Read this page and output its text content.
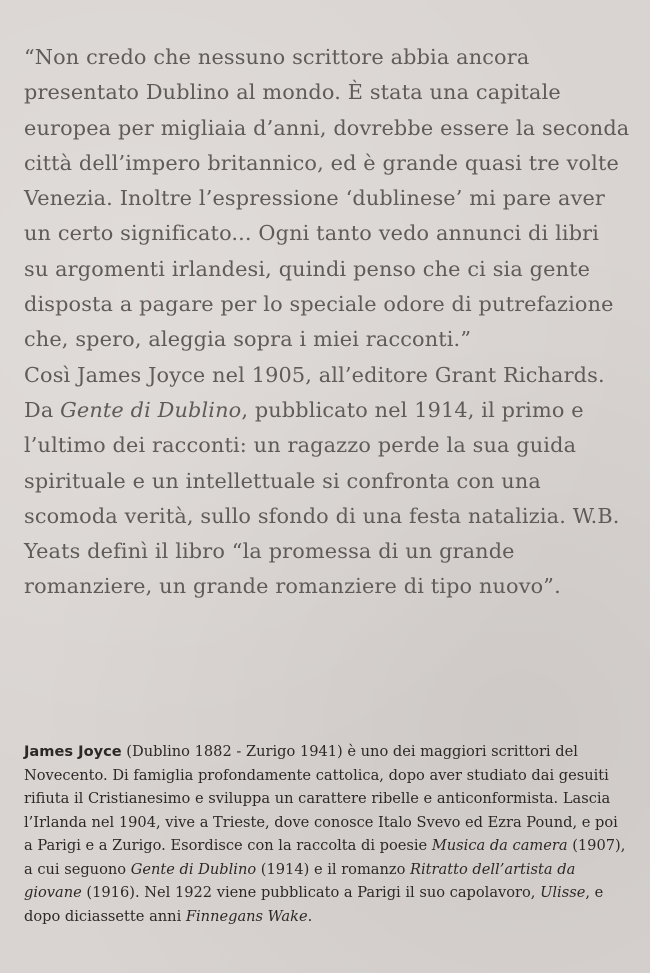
“Non credo che nessuno scrittore abbia ancora presentato Dublino al mondo. È stata una capitale europea per migliaia d’anni, dovrebbe essere la seconda città dell’impero britannico, ed è grande quasi tre volte Venezia. Inoltre l’espressione ‘dublinese’ mi pare aver un certo significato... Ogni tanto vedo annunci di libri su argomenti irlandesi, quindi penso che ci sia gente disposta a pagare per lo speciale odore di putrefazione che, spero, aleggia sopra i miei racconti.”

Così James Joyce nel 1905, all’editore Grant Richards.

Da Gente di Dublino, pubblicato nel 1914, il primo e l’ultimo dei racconti: un ragazzo perde la sua guida spirituale e un intellettuale si confronta con una scomoda verità, sullo sfondo di una festa natalizia. W.B. Yeats definì il libro “la promessa di un grande romanziere, un grande romanziere di tipo nuovo”.

James Joyce (Dublino 1882 - Zurigo 1941) è uno dei maggiori scrittori del Novecento. Di famiglia profondamente cattolica, dopo aver studiato dai gesuiti rifiuta il Cristianesimo e sviluppa un carattere ribelle e anticonformista. Lascia l’Irlanda nel 1904, vive a Trieste, dove conosce Italo Svevo ed Ezra Pound, e poi a Parigi e a Zurigo. Esordisce con la raccolta di poesie Musica da camera (1907), a cui seguono Gente di Dublino (1914) e il romanzo Ritratto dell’artista da giovane (1916). Nel 1922 viene pubblicato a Parigi il suo capolavoro, Ulisse, e dopo diciassette anni Finnegans Wake.
